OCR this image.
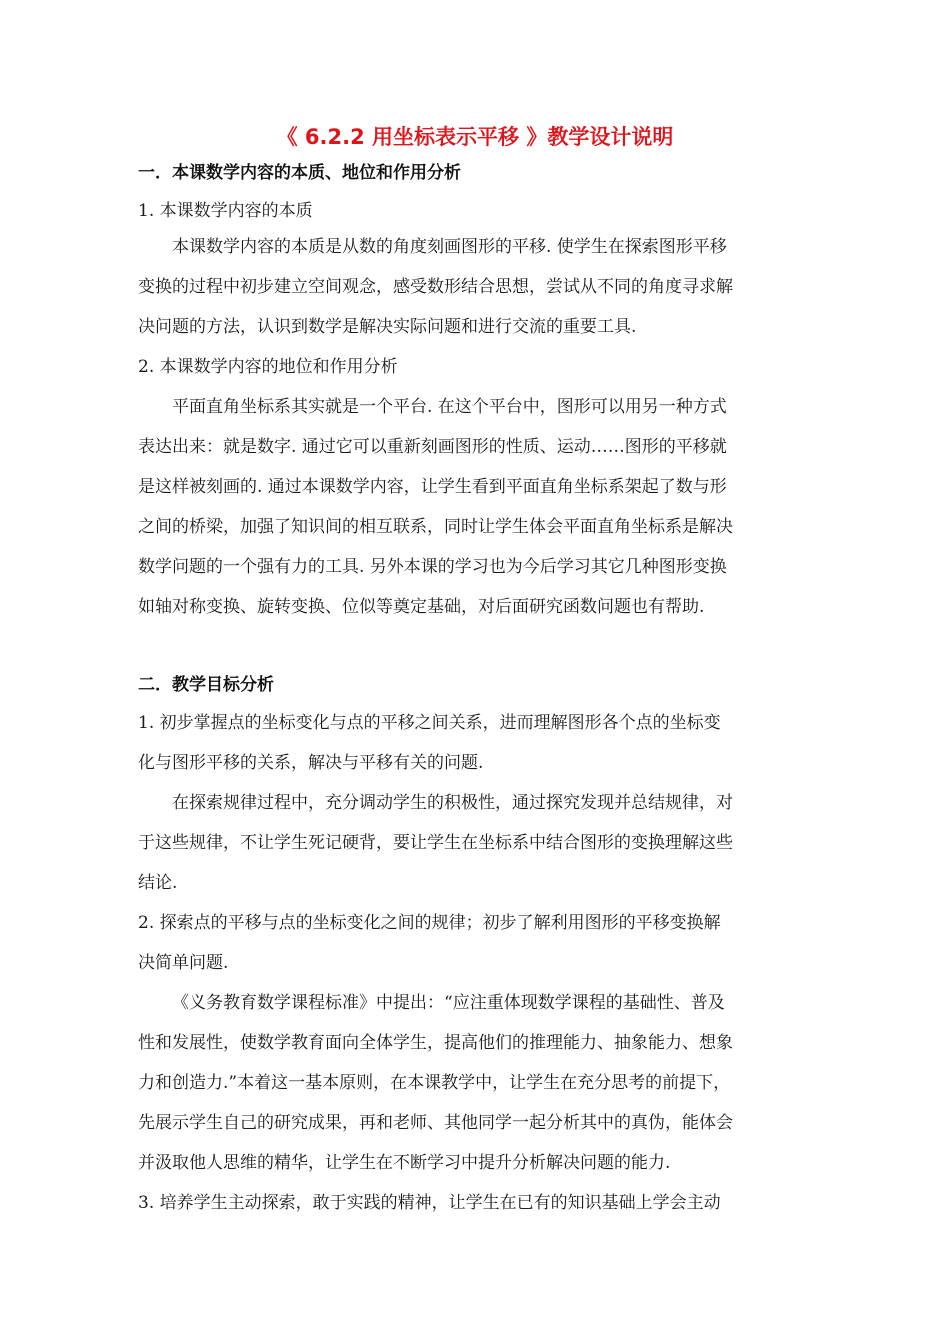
《 6.2.2 用坐标表示平移 》教学设计说明

一．本课数学内容的本质、地位和作用分析

1. 本课数学内容的本质

本课数学内容的本质是从数的角度刻画图形的平移. 使学生在探索图形平移

变换的过程中初步建立空间观念，感受数形结合思想，尝试从不同的角度寻求解

决问题的方法，认识到数学是解决实际问题和进行交流的重要工具.

2. 本课数学内容的地位和作用分析

平面直角坐标系其实就是一个平台. 在这个平台中，图形可以用另一种方式

表达出来：就是数字. 通过它可以重新刻画图形的性质、运动……图形的平移就

是这样被刻画的. 通过本课数学内容，让学生看到平面直角坐标系架起了数与形

之间的桥梁，加强了知识间的相互联系，同时让学生体会平面直角坐标系是解决

数学问题的一个强有力的工具. 另外本课的学习也为今后学习其它几种图形变换

如轴对称变换、旋转变换、位似等奠定基础，对后面研究函数问题也有帮助.

二．教学目标分析

1. 初步掌握点的坐标变化与点的平移之间关系，进而理解图形各个点的坐标变

化与图形平移的关系，解决与平移有关的问题.

在探索规律过程中，充分调动学生的积极性，通过探究发现并总结规律，对

于这些规律，不让学生死记硬背，要让学生在坐标系中结合图形的变换理解这些

结论.

2. 探索点的平移与点的坐标变化之间的规律；初步了解利用图形的平移变换解

决简单问题.

《义务教育数学课程标准》中提出：“应注重体现数学课程的基础性、普及

性和发展性，使数学教育面向全体学生，提高他们的推理能力、抽象能力、想象

力和创造力.”本着这一基本原则，在本课教学中，让学生在充分思考的前提下，

先展示学生自己的研究成果，再和老师、其他同学一起分析其中的真伪，能体会

并汲取他人思维的精华，让学生在不断学习中提升分析解决问题的能力.

3. 培养学生主动探索，敢于实践的精神，让学生在已有的知识基础上学会主动
